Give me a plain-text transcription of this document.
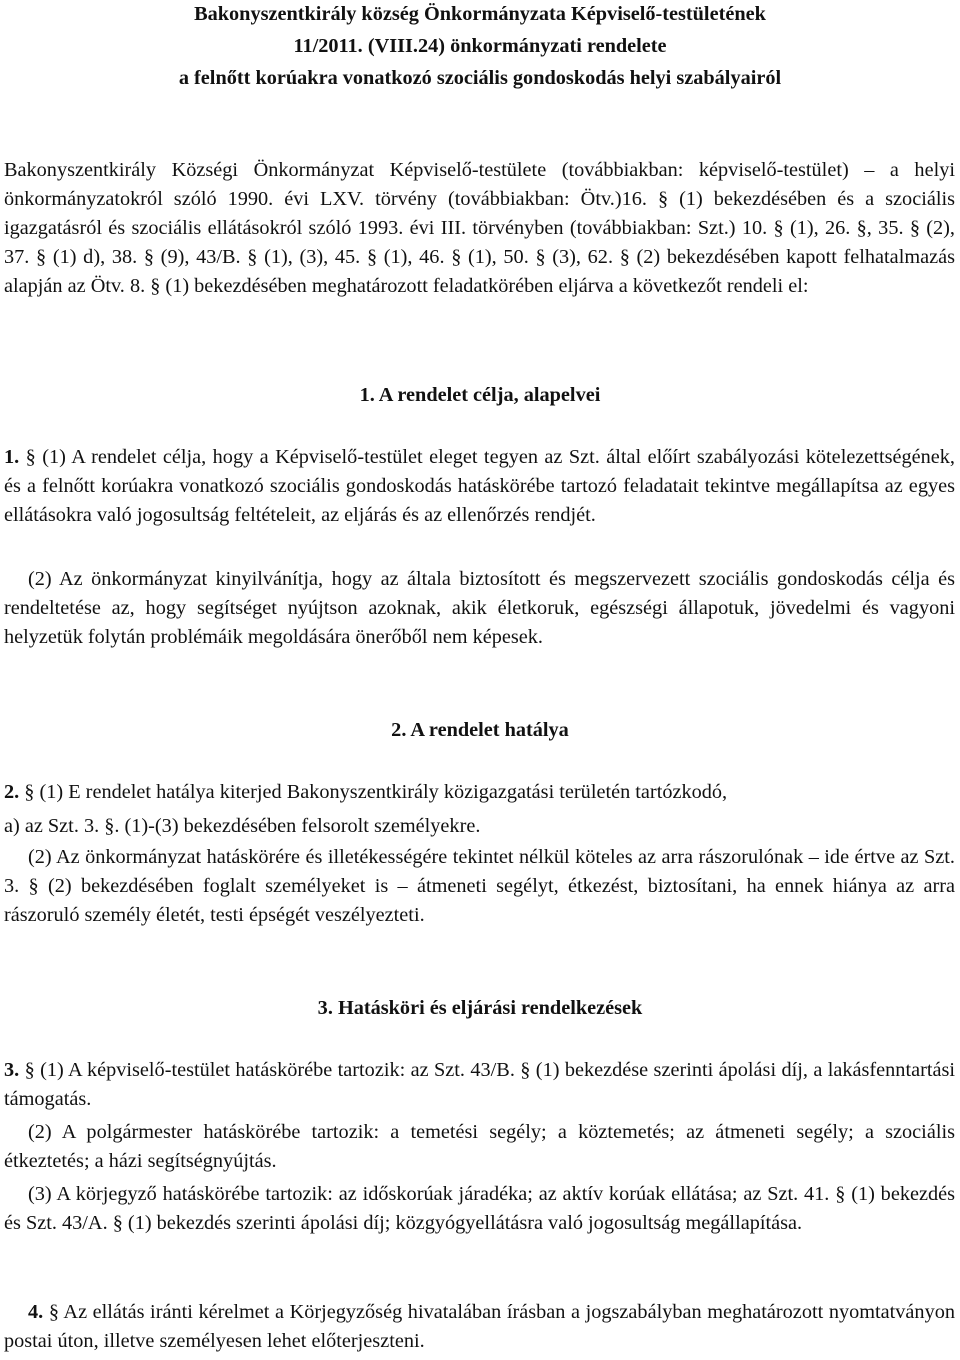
Bakonyszentkirály község Önkormányzata Képviselő-testületének
11/2011. (VIII.24) önkormányzati rendelete
a felnőtt korúakra vonatkozó szociális gondoskodás helyi szabályairól

Bakonyszentkirály Községi Önkormányzat Képviselő-testülete (továbbiakban: képviselő-testület) – a helyi önkormányzatokról szóló 1990. évi LXV. törvény (továbbiakban: Ötv.)16. § (1) bekezdésében és a szociális igazgatásról és szociális ellátásokról szóló 1993. évi III. törvényben (továbbiakban: Szt.) 10. § (1), 26. §, 35. § (2), 37. § (1) d), 38. § (9), 43/B. § (1), (3), 45. § (1), 46. § (1), 50. § (3), 62. § (2) bekezdésében kapott felhatalmazás alapján az Ötv. 8. § (1) bekezdésében meghatározott feladatkörében eljárva a következőt rendeli el:

1. A rendelet célja, alapelvei

1. § (1) A rendelet célja, hogy a Képviselő-testület eleget tegyen az Szt. által előírt szabályozási kötelezettségének, és a felnőtt korúakra vonatkozó szociális gondoskodás hatáskörébe tartozó feladatait tekintve megállapítsa az egyes ellátásokra való jogosultság feltételeit, az eljárás és az ellenőrzés rendjét.

(2) Az önkormányzat kinyilvánítja, hogy az általa biztosított és megszervezett szociális gondoskodás célja és rendeltetése az, hogy segítséget nyújtson azoknak, akik életkoruk, egészségi állapotuk, jövedelmi és vagyoni helyzetük folytán problémáik megoldására önerőből nem képesek.

2. A rendelet hatálya

2. § (1) E rendelet hatálya kiterjed Bakonyszentkirály közigazgatási területén tartózkodó,

a) az Szt. 3. §. (1)-(3) bekezdésében felsorolt személyekre.

(2) Az önkormányzat hatáskörére és illetékességére tekintet nélkül köteles az arra rászorulónak – ide értve az Szt. 3. § (2) bekezdésében foglalt személyeket is – átmeneti segélyt, étkezést, biztosítani, ha ennek hiánya az arra rászoruló személy életét, testi épségét veszélyezteti.

3. Hatásköri és eljárási rendelkezések

3. § (1) A képviselő-testület hatáskörébe tartozik: az Szt. 43/B. § (1) bekezdése szerinti ápolási díj, a lakásfenntartási támogatás.

(2) A polgármester hatáskörébe tartozik: a temetési segély; a köztemetés; az átmeneti segély; a szociális étkeztetés; a házi segítségnyújtás.

(3) A körjegyző hatáskörébe tartozik: az időskorúak járadéka; az aktív korúak ellátása; az Szt. 41. § (1) bekezdés és Szt. 43/A. § (1) bekezdés szerinti ápolási díj; közgyógyellátásra való jogosultság megállapítása.

4. § Az ellátás iránti kérelmet a Körjegyzőség hivatalában írásban a jogszabályban meghatározott nyomtatványon postai úton, illetve személyesen lehet előterjeszteni.
